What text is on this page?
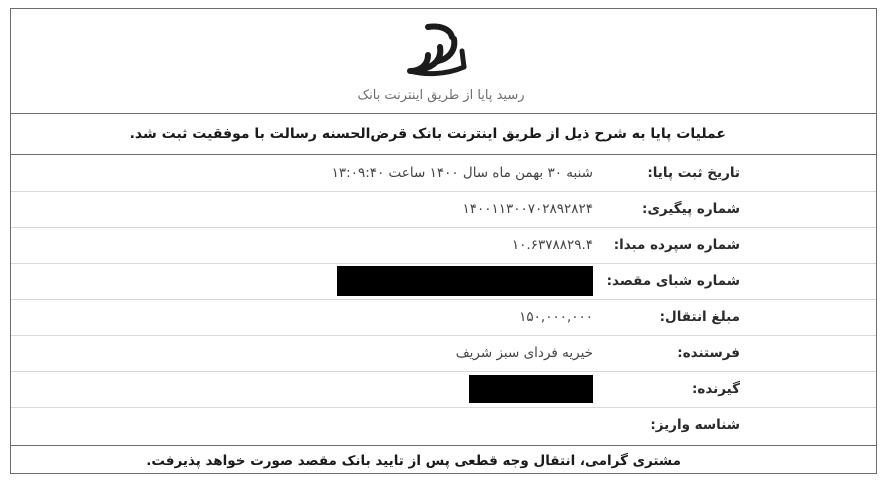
رسید پایا از طریق اینترنت بانک
عملیات پایا به شرح ذیل از طریق اینترنت بانک قرض‌الحسنه رسالت با موفقیت ثبت شد.
تاریخ ثبت پایا:
شنبه ۳۰ بهمن ماه سال ۱۴۰۰ ساعت ۱۳:۰۹:۴۰
شماره پیگیری:
۱۴۰۰۱۱۳۰۰۷۰۲۸۹۲۸۲۴
شماره سپرده مبدا:
۱۰.۶۳۷۸۸۲۹.۴
شماره شبای مقصد:
مبلغ انتقال:
۱۵۰,۰۰۰,۰۰۰
فرستنده:
خیریه فردای سبز شریف
گیرنده:
شناسه واریز:
مشتری گرامی، انتقال وجه قطعی پس از تایید بانک مقصد صورت خواهد پذیرفت.
